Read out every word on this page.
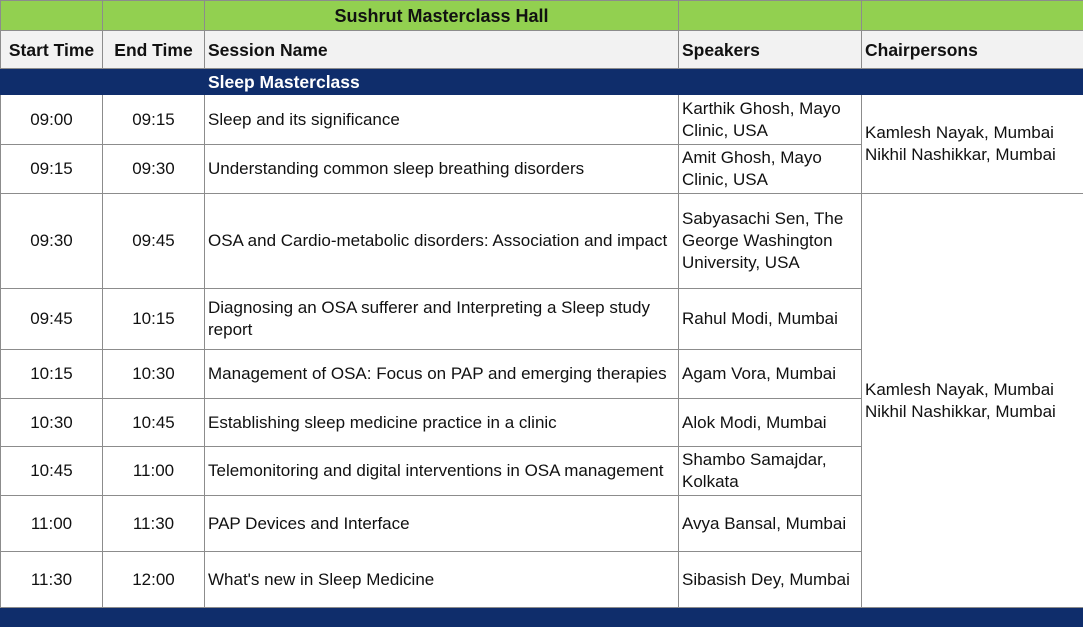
		Sushrut Masterclass Hall		
Start Time	End Time	Session Name	Speakers	Chairpersons
		Sleep Masterclass		
09:00	09:15	Sleep and its significance	Karthik Ghosh, Mayo Clinic, USA	Kamlesh Nayak, Mumbai
Nikhil Nashikkar, Mumbai

09:15	09:30	Understanding common sleep breathing disorders	Amit Ghosh, Mayo Clinic, USA	
09:30	09:45	OSA and Cardio-metabolic disorders: Association and impact	Sabyasachi Sen, The George Washington University, USA	Kamlesh Nayak, Mumbai
Nikhil Nashikkar, Mumbai

09:45	10:15	Diagnosing an OSA sufferer and Interpreting a Sleep study report	Rahul Modi, Mumbai	
10:15	10:30	Management of OSA: Focus on PAP and emerging therapies	Agam Vora, Mumbai	
10:30	10:45	Establishing sleep medicine practice in a clinic	Alok Modi, Mumbai	
10:45	11:00	Telemonitoring and digital interventions in OSA management	Shambo Samajdar, Kolkata	
11:00	11:30	PAP Devices and Interface	Avya Bansal, Mumbai	
11:30	12:00	What's new in Sleep Medicine	Sibasish Dey, Mumbai	
